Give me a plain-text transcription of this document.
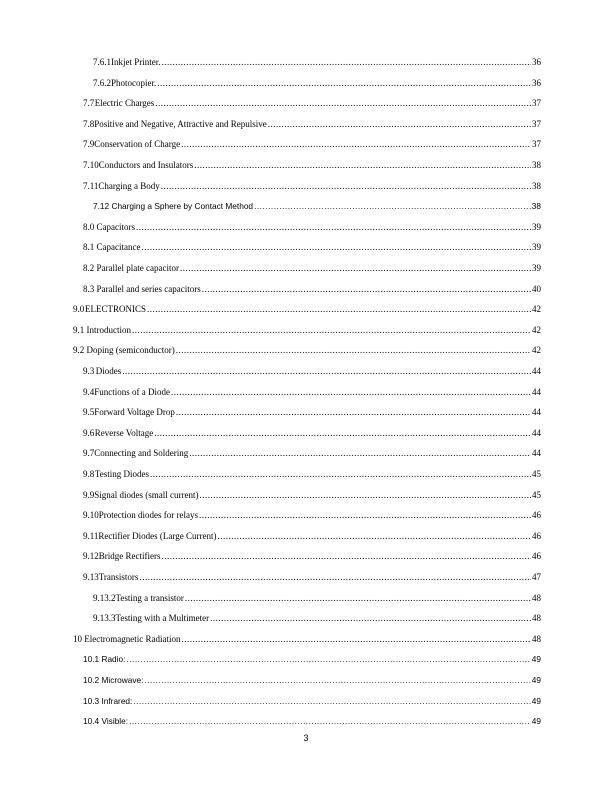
7.6.1 Inkjet Printer. .....	36
7.6.2 Photocopier. .....	36
7.7 Electric Charges .....	37
7.8 Positive and Negative, Attractive and Repulsive .....	37
7.9 Conservation of Charge .....	37
7.10 Conductors and Insulators .....	38
7.11 Charging a Body .....	38
7.12 Charging a Sphere by Contact Method .....	38
8.0 Capacitors .....	39
8.1 Capacitance .....	39
8.2 Parallel plate capacitor .....	39
8.3 Parallel and series capacitors .....	40
9.0 ELECTRONICS .....	42
9.1 Introduction .....	42
9.2 Doping (semiconductor) .....	42
9.3 Diodes .....	44
9.4 Functions of a Diode .....	44
9.5 Forward Voltage Drop .....	44
9.6 Reverse Voltage .....	44
9.7 Connecting and Soldering .....	44
9.8 Testing Diodes .....	45
9.9Signal diodes (small current) .....	45
9.10 Protection diodes for relays .....	46
9.11 Rectifier Diodes (Large Current) .....	46
9.12 Bridge Rectifiers .....	46
9.13 Transistors .....	47
9.13.2 Testing a transistor .....	48
9.13.3 Testing with a Multimeter .....	48
10 Electromagnetic Radiation .....	48
10.1 Radio: .....	49
10.2 Microwave: .....	49
10.3 Infrared: .....	49
10.4 Visible: .....	49
3
